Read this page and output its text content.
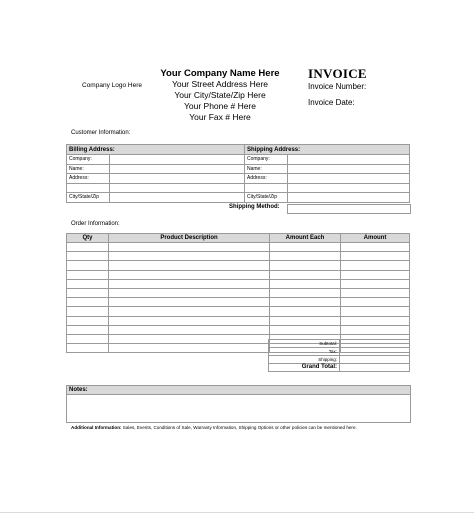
Company Logo Here
Your Company Name Here
Your Street Address Here
Your City/State/Zip Here
Your Phone # Here
Your Fax # Here
INVOICE
Invoice Number:
Invoice Date:
Customer Information:
Billing Address:		Shipping Address:	
Company:		Company:	
Name:		Name:	
Address:		Address:	

City/State/Zip		City/State/Zip	
Shipping Method:
Order Information:
Qty	Product Description	Amount Each	Amount

Subtotal:	
Tax:	
Shipping:	
Grand Total:	
Notes:
Additional Information: Sales, Events, Conditions of Sale, Warranty Information, Shipping Options or other policies can be mentioned here.
